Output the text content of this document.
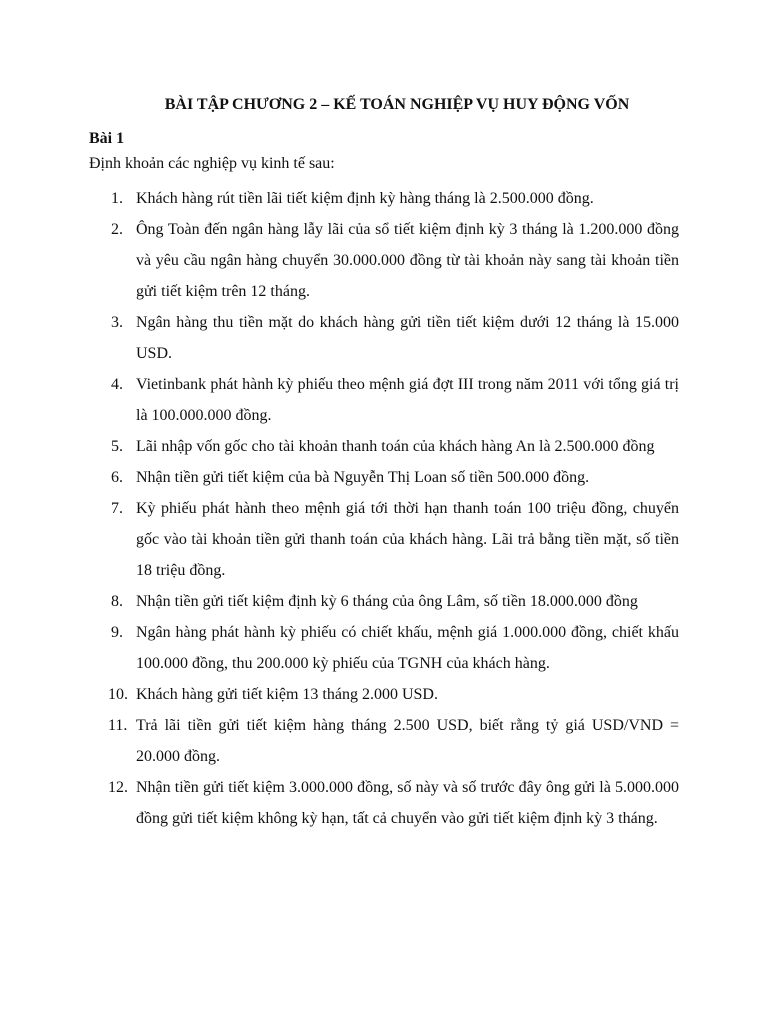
BÀI TẬP CHƯƠNG 2 – KẾ TOÁN NGHIỆP VỤ HUY ĐỘNG VỐN
Bài 1
Định khoản các nghiệp vụ kinh tế sau:
1. Khách hàng rút tiền lãi tiết kiệm định kỳ hàng tháng là 2.500.000 đồng.
2. Ông Toàn đến ngân hàng lẫy lãi của sổ tiết kiệm định kỳ 3 tháng là 1.200.000 đồng và yêu cầu ngân hàng chuyển 30.000.000 đồng từ tài khoản này sang tài khoản tiền gửi tiết kiệm trên 12 tháng.
3. Ngân hàng thu tiền mặt do khách hàng gửi tiền tiết kiệm dưới 12 tháng là 15.000 USD.
4. Vietinbank phát hành kỳ phiếu theo mệnh giá đợt III trong năm 2011 với tổng giá trị là 100.000.000 đồng.
5. Lãi nhập vốn gốc cho tài khoản thanh toán của khách hàng An là 2.500.000 đồng
6. Nhận tiền gửi tiết kiệm của bà Nguyễn Thị Loan số tiền 500.000 đồng.
7. Kỳ phiếu phát hành theo mệnh giá tới thời hạn thanh toán 100 triệu đồng, chuyển gốc vào tài khoản tiền gửi thanh toán của khách hàng. Lãi trả bằng tiền mặt, số tiền 18 triệu đồng.
8. Nhận tiền gửi tiết kiệm định kỳ 6 tháng của ông Lâm, số tiền 18.000.000 đồng
9. Ngân hàng phát hành kỳ phiếu có chiết khấu, mệnh giá 1.000.000 đồng, chiết khấu 100.000 đồng, thu 200.000 kỳ phiếu của TGNH của khách hàng.
10. Khách hàng gửi tiết kiệm 13 tháng 2.000 USD.
11. Trả lãi tiền gửi tiết kiệm hàng tháng 2.500 USD, biết rằng tỷ giá USD/VND = 20.000 đồng.
12. Nhận tiền gửi tiết kiệm 3.000.000 đồng, số này và số trước đây ông gửi là 5.000.000 đồng gửi tiết kiệm không kỳ hạn, tất cả chuyển vào gửi tiết kiệm định kỳ 3 tháng.
